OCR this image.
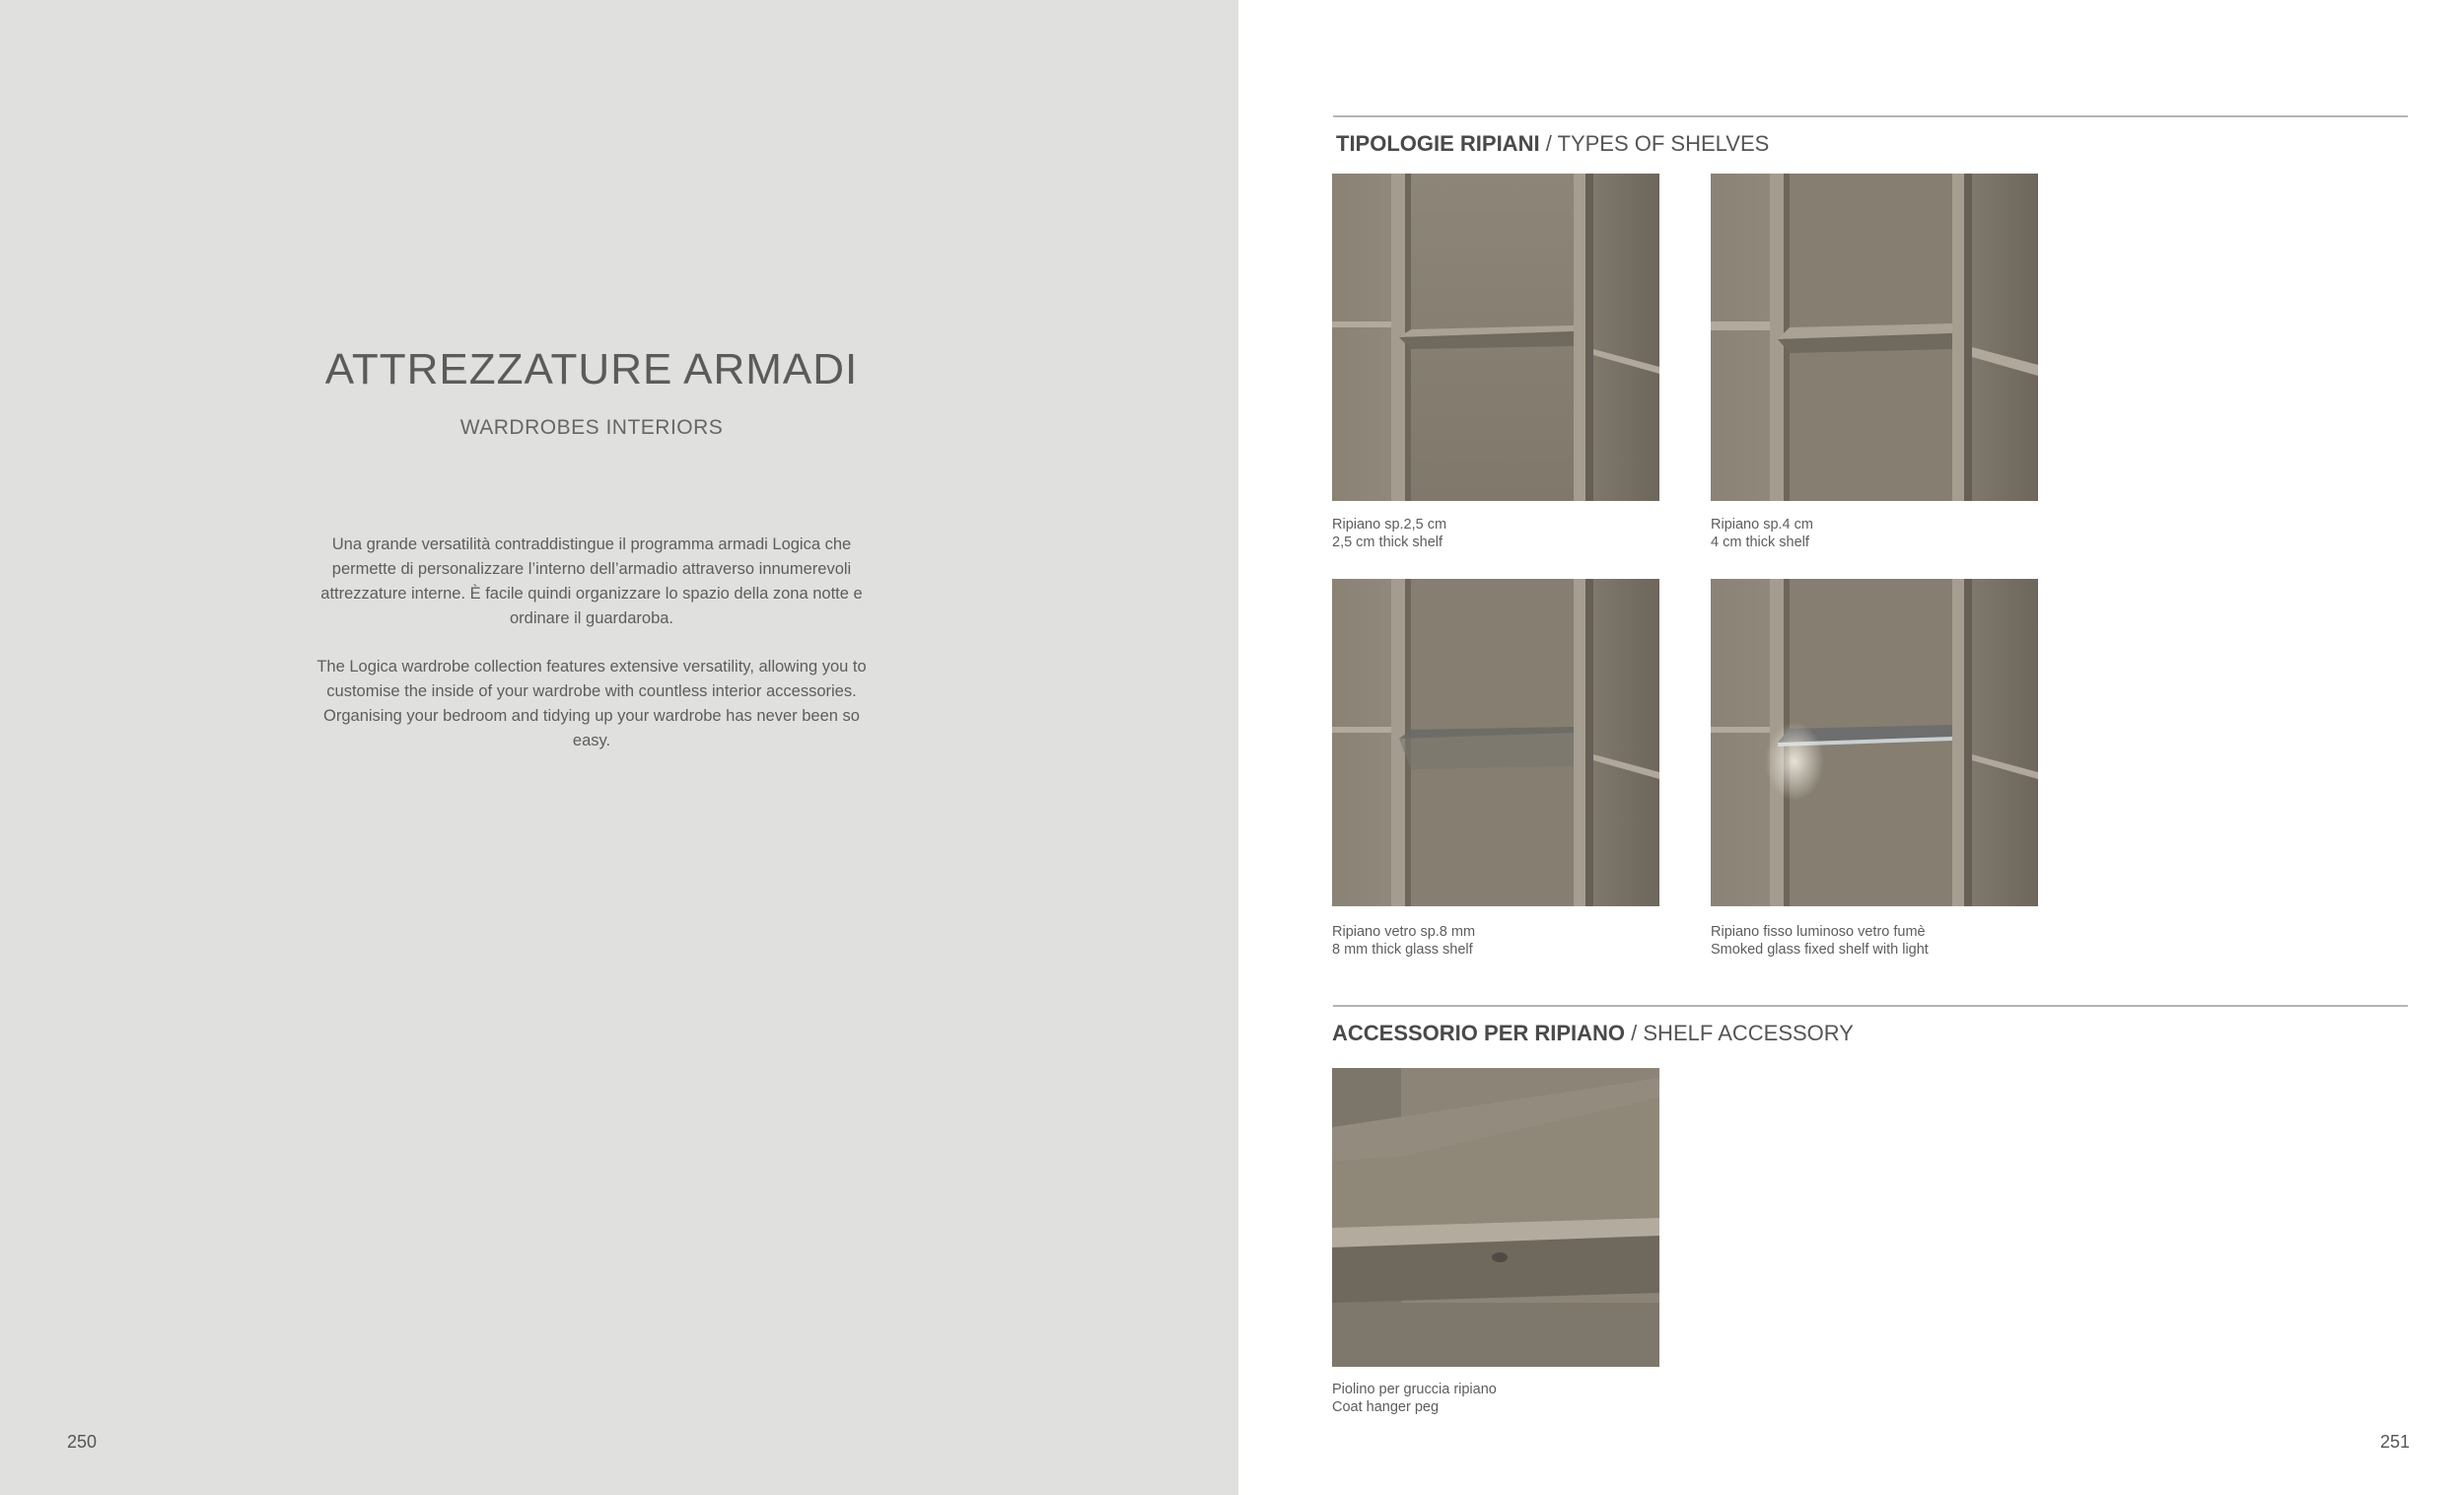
ATTREZZATURE ARMADI
WARDROBES INTERIORS

Una grande versatilità contraddistingue il programma armadi Logica che permette di personalizzare l’interno dell’armadio attraverso innumerevoli attrezzature interne. È facile quindi organizzare lo spazio della zona notte e ordinare il guardaroba.

The Logica wardrobe collection features extensive versatility, allowing you to customise the inside of your wardrobe with countless interior accessories. Organising your bedroom and tidying up your wardrobe has never been so easy.

250
TIPOLOGIE RIPIANI / TYPES OF SHELVES
Ripiano sp.2,5 cm
2,5 cm thick shelf
Ripiano sp.4 cm
4 cm thick shelf
Ripiano vetro sp.8 mm
8 mm thick glass shelf
Ripiano fisso luminoso vetro fumè
Smoked glass fixed shelf with light
ACCESSORIO PER RIPIANO / SHELF ACCESSORY
Piolino per gruccia ripiano
Coat hanger peg
251
